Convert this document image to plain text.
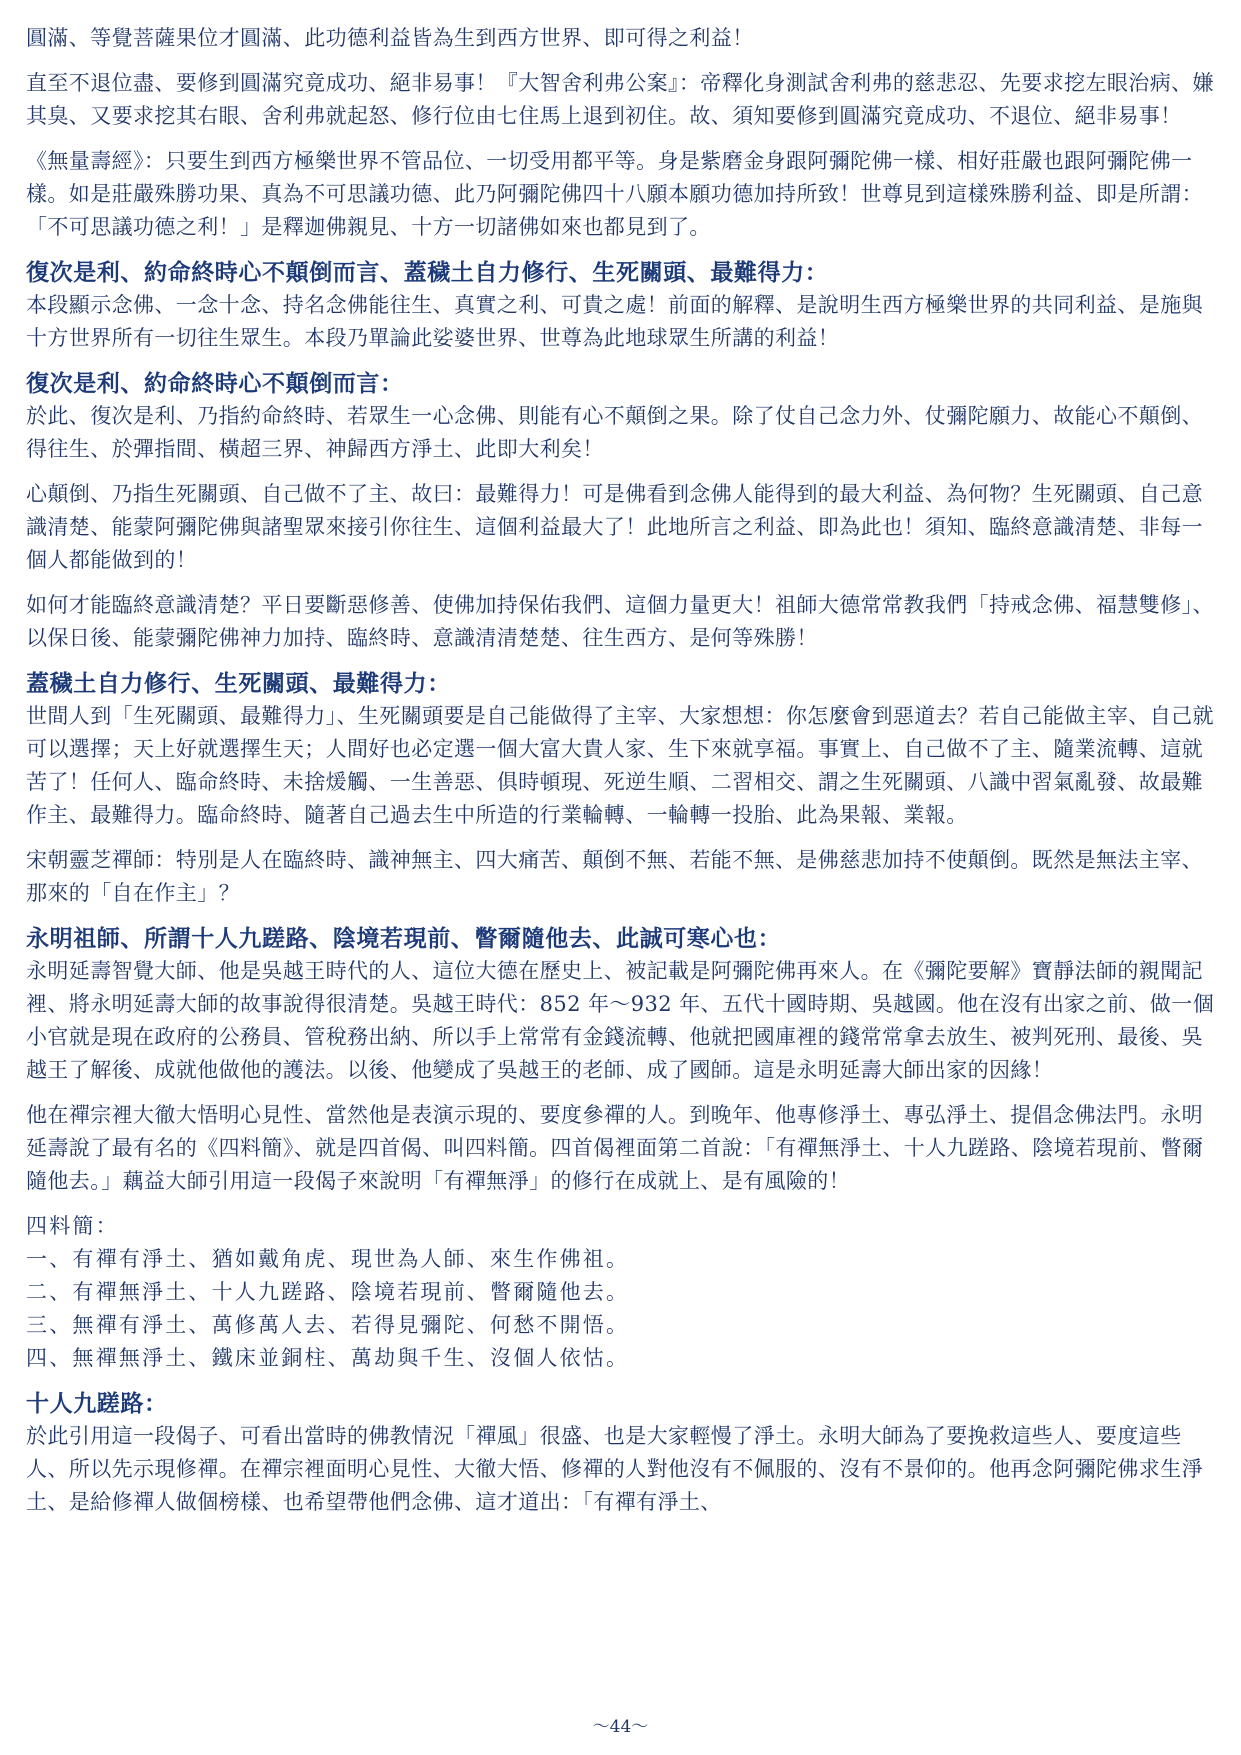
圓滿、等覺菩薩果位才圓滿、此功德利益皆為生到西方世界、即可得之利益！

直至不退位盡、要修到圓滿究竟成功、絕非易事！『大智舍利弗公案』：帝釋化身測試舍利弗的慈悲忍、先要求挖左眼治病、嫌其臭、又要求挖其右眼、舍利弗就起怒、修行位由七住馬上退到初住。故、須知要修到圓滿究竟成功、不退位、絕非易事！

《無量壽經》：只要生到西方極樂世界不管品位、一切受用都平等。身是紫磨金身跟阿彌陀佛一樣、相好莊嚴也跟阿彌陀佛一樣。如是莊嚴殊勝功果、真為不可思議功德、此乃阿彌陀佛四十八願本願功德加持所致！世尊見到這樣殊勝利益、即是所謂：「不可思議功德之利！」是釋迦佛親見、十方一切諸佛如來也都見到了。

復次是利、約命終時心不顛倒而言、蓋穢土自力修行、生死關頭、最難得力：

本段顯示念佛、一念十念、持名念佛能往生、真實之利、可貴之處！前面的解釋、是說明生西方極樂世界的共同利益、是施與十方世界所有一切往生眾生。本段乃單論此娑婆世界、世尊為此地球眾生所講的利益！

復次是利、約命終時心不顛倒而言：

於此、復次是利、乃指約命終時、若眾生一心念佛、則能有心不顛倒之果。除了仗自己念力外、仗彌陀願力、故能心不顛倒、得往生、於彈指間、橫超三界、神歸西方淨土、此即大利矣！

心顛倒、乃指生死關頭、自己做不了主、故曰：最難得力！可是佛看到念佛人能得到的最大利益、為何物？生死關頭、自己意識清楚、能蒙阿彌陀佛與諸聖眾來接引你往生、這個利益最大了！此地所言之利益、即為此也！須知、臨終意識清楚、非每一個人都能做到的！

如何才能臨終意識清楚？平日要斷惡修善、使佛加持保佑我們、這個力量更大！祖師大德常常教我們「持戒念佛、福慧雙修」、以保日後、能蒙彌陀佛神力加持、臨終時、意識清清楚楚、往生西方、是何等殊勝！

蓋穢土自力修行、生死關頭、最難得力：

世間人到「生死關頭、最難得力」、生死關頭要是自己能做得了主宰、大家想想：你怎麼會到惡道去？若自己能做主宰、自己就可以選擇；天上好就選擇生天；人間好也必定選一個大富大貴人家、生下來就享福。事實上、自己做不了主、隨業流轉、這就苦了！任何人、臨命終時、未捨煖觸、一生善惡、俱時頓現、死逆生順、二習相交、謂之生死關頭、八識中習氣亂發、故最難作主、最難得力。臨命終時、隨著自己過去生中所造的行業輪轉、一輪轉一投胎、此為果報、業報。

宋朝靈芝禪師：特別是人在臨終時、識神無主、四大痛苦、顛倒不無、若能不無、是佛慈悲加持不使顛倒。既然是無法主宰、那來的「自在作主」？

永明祖師、所謂十人九蹉路、陰境若現前、瞥爾隨他去、此誠可寒心也：

永明延壽智覺大師、他是吳越王時代的人、這位大德在歷史上、被記載是阿彌陀佛再來人。在《彌陀要解》寶靜法師的親聞記裡、將永明延壽大師的故事說得很清楚。吳越王時代：852 年～932 年、五代十國時期、吳越國。他在沒有出家之前、做一個小官就是現在政府的公務員、管稅務出納、所以手上常常有金錢流轉、他就把國庫裡的錢常常拿去放生、被判死刑、最後、吳越王了解後、成就他做他的護法。以後、他變成了吳越王的老師、成了國師。這是永明延壽大師出家的因緣！

他在禪宗裡大徹大悟明心見性、當然他是表演示現的、要度參禪的人。到晚年、他專修淨土、專弘淨土、提倡念佛法門。永明延壽說了最有名的《四料簡》、就是四首偈、叫四料簡。四首偈裡面第二首說：「有禪無淨土、十人九蹉路、陰境若現前、瞥爾隨他去。」藕益大師引用這一段偈子來說明「有禪無淨」的修行在成就上、是有風險的！

四料簡：
一、有禪有淨土、猶如戴角虎、現世為人師、來生作佛祖。
二、有禪無淨土、十人九蹉路、陰境若現前、瞥爾隨他去。
三、無禪有淨土、萬修萬人去、若得見彌陀、何愁不開悟。
四、無禪無淨土、鐵床並銅柱、萬劫與千生、沒個人依怙。
十人九蹉路：

於此引用這一段偈子、可看出當時的佛教情況「禪風」很盛、也是大家輕慢了淨土。永明大師為了要挽救這些人、要度這些人、所以先示現修禪。在禪宗裡面明心見性、大徹大悟、修禪的人對他沒有不佩服的、沒有不景仰的。他再念阿彌陀佛求生淨土、是給修禪人做個榜樣、也希望帶他們念佛、這才道出：「有禪有淨土、

～44～
